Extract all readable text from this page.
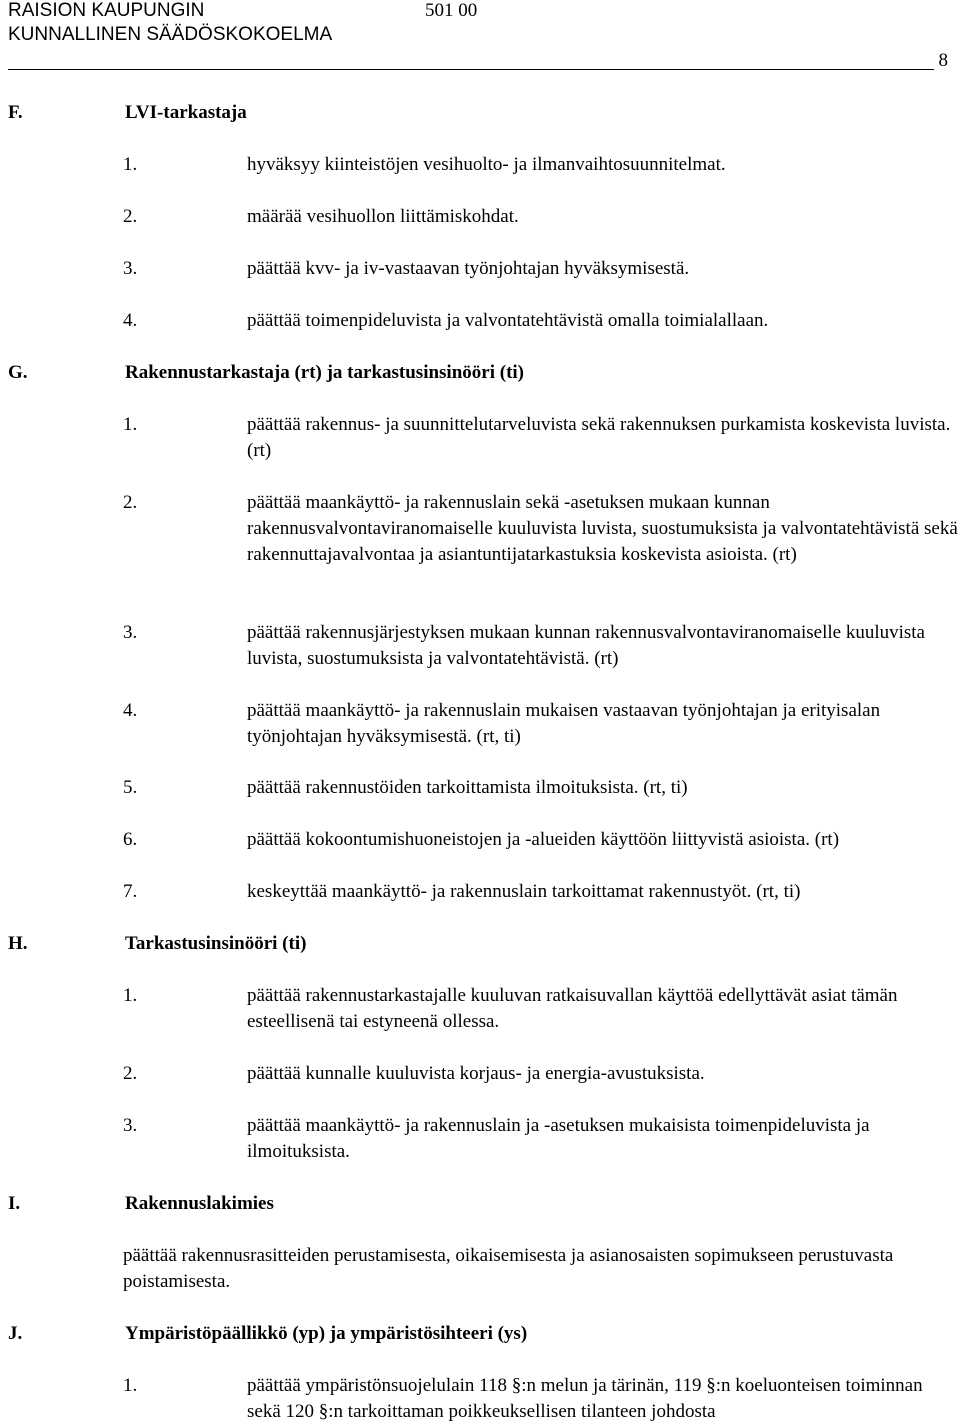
RAISION KAUPUNGIN
KUNNALLINEN SÄÄDÖSKOKOELMA
501 00
8
F.	LVI-tarkastaja
1.	hyväksyy kiinteistöjen vesihuolto- ja ilmanvaihtosuunnitelmat.
2.	määrää vesihuollon liittämiskohdat.
3.	päättää kvv- ja iv-vastaavan työnjohtajan hyväksymisestä.
4.	päättää toimenpideluvista ja valvontatehtävistä omalla toimialallaan.
G.	Rakennustarkastaja (rt) ja tarkastusinsinööri (ti)
1.	päättää rakennus- ja suunnittelutarveluvista sekä rakennuksen purkamista koskevista luvista. (rt)
2.	päättää maankäyttö- ja rakennuslain sekä -asetuksen mukaan kunnan rakennusvalvontaviranomaiselle kuuluvista luvista, suostumuksista ja valvontatehtävistä sekä rakennuttajavalvontaa ja asiantuntijatarkastuksia koskevista asioista. (rt)
3.	päättää rakennusjärjestyksen mukaan kunnan rakennusvalvontaviranomaiselle kuuluvista luvista, suostumuksista ja valvontatehtävistä. (rt)
4.	päättää maankäyttö- ja rakennuslain mukaisen vastaavan työnjohtajan ja erityisalan työnjohtajan hyväksymisestä. (rt, ti)
5.	päättää rakennustöiden tarkoittamista ilmoituksista. (rt, ti)
6.	päättää kokoontumishuoneistojen ja -alueiden käyttöön liittyvistä asioista. (rt)
7.	keskeyttää maankäyttö- ja rakennuslain tarkoittamat rakennustyöt. (rt, ti)
H.	Tarkastusinsinööri (ti)
1.	päättää rakennustarkastajalle kuuluvan ratkaisuvallan käyttöä edellyttävät asiat tämän esteellisenä tai estyneenä ollessa.
2.	päättää kunnalle kuuluvista korjaus- ja energia-avustuksista.
3.	päättää maankäyttö- ja rakennuslain ja -asetuksen mukaisista toimenpideluvista ja ilmoituksista.
I.	Rakennuslakimies
päättää rakennusrasitteiden perustamisesta, oikaisemisesta ja asianosaisten sopimukseen perustuvasta poistamisesta.
J.	Ympäristöpäällikkö (yp) ja ympäristösihteeri (ys)
1.	päättää ympäristönsuojelulain 118 §:n melun ja tärinän, 119 §:n koeluonteisen toiminnan sekä 120 §:n tarkoittaman poikkeuksellisen tilanteen johdosta
